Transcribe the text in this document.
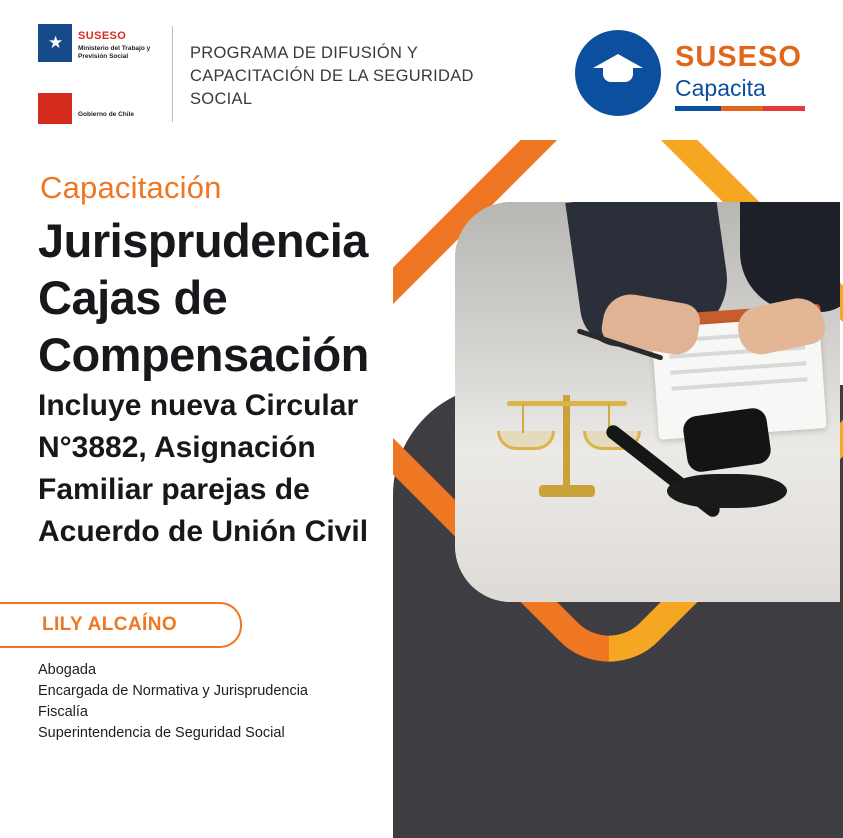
★ SUSESO
Ministerio del Trabajo y Previsión Social
Gobierno de Chile
PROGRAMA DE DIFUSIÓN Y CAPACITACIÓN DE LA SEGURIDAD SOCIAL
SUSESO
Capacita
Capacitación
Jurisprudencia Cajas de Compensación
Incluye nueva Circular N°3882, Asignación Familiar parejas de Acuerdo de Unión Civil
LILY ALCAÍNO
Abogada
Encargada de Normativa y Jurisprudencia
Fiscalía
Superintendencia de Seguridad Social
